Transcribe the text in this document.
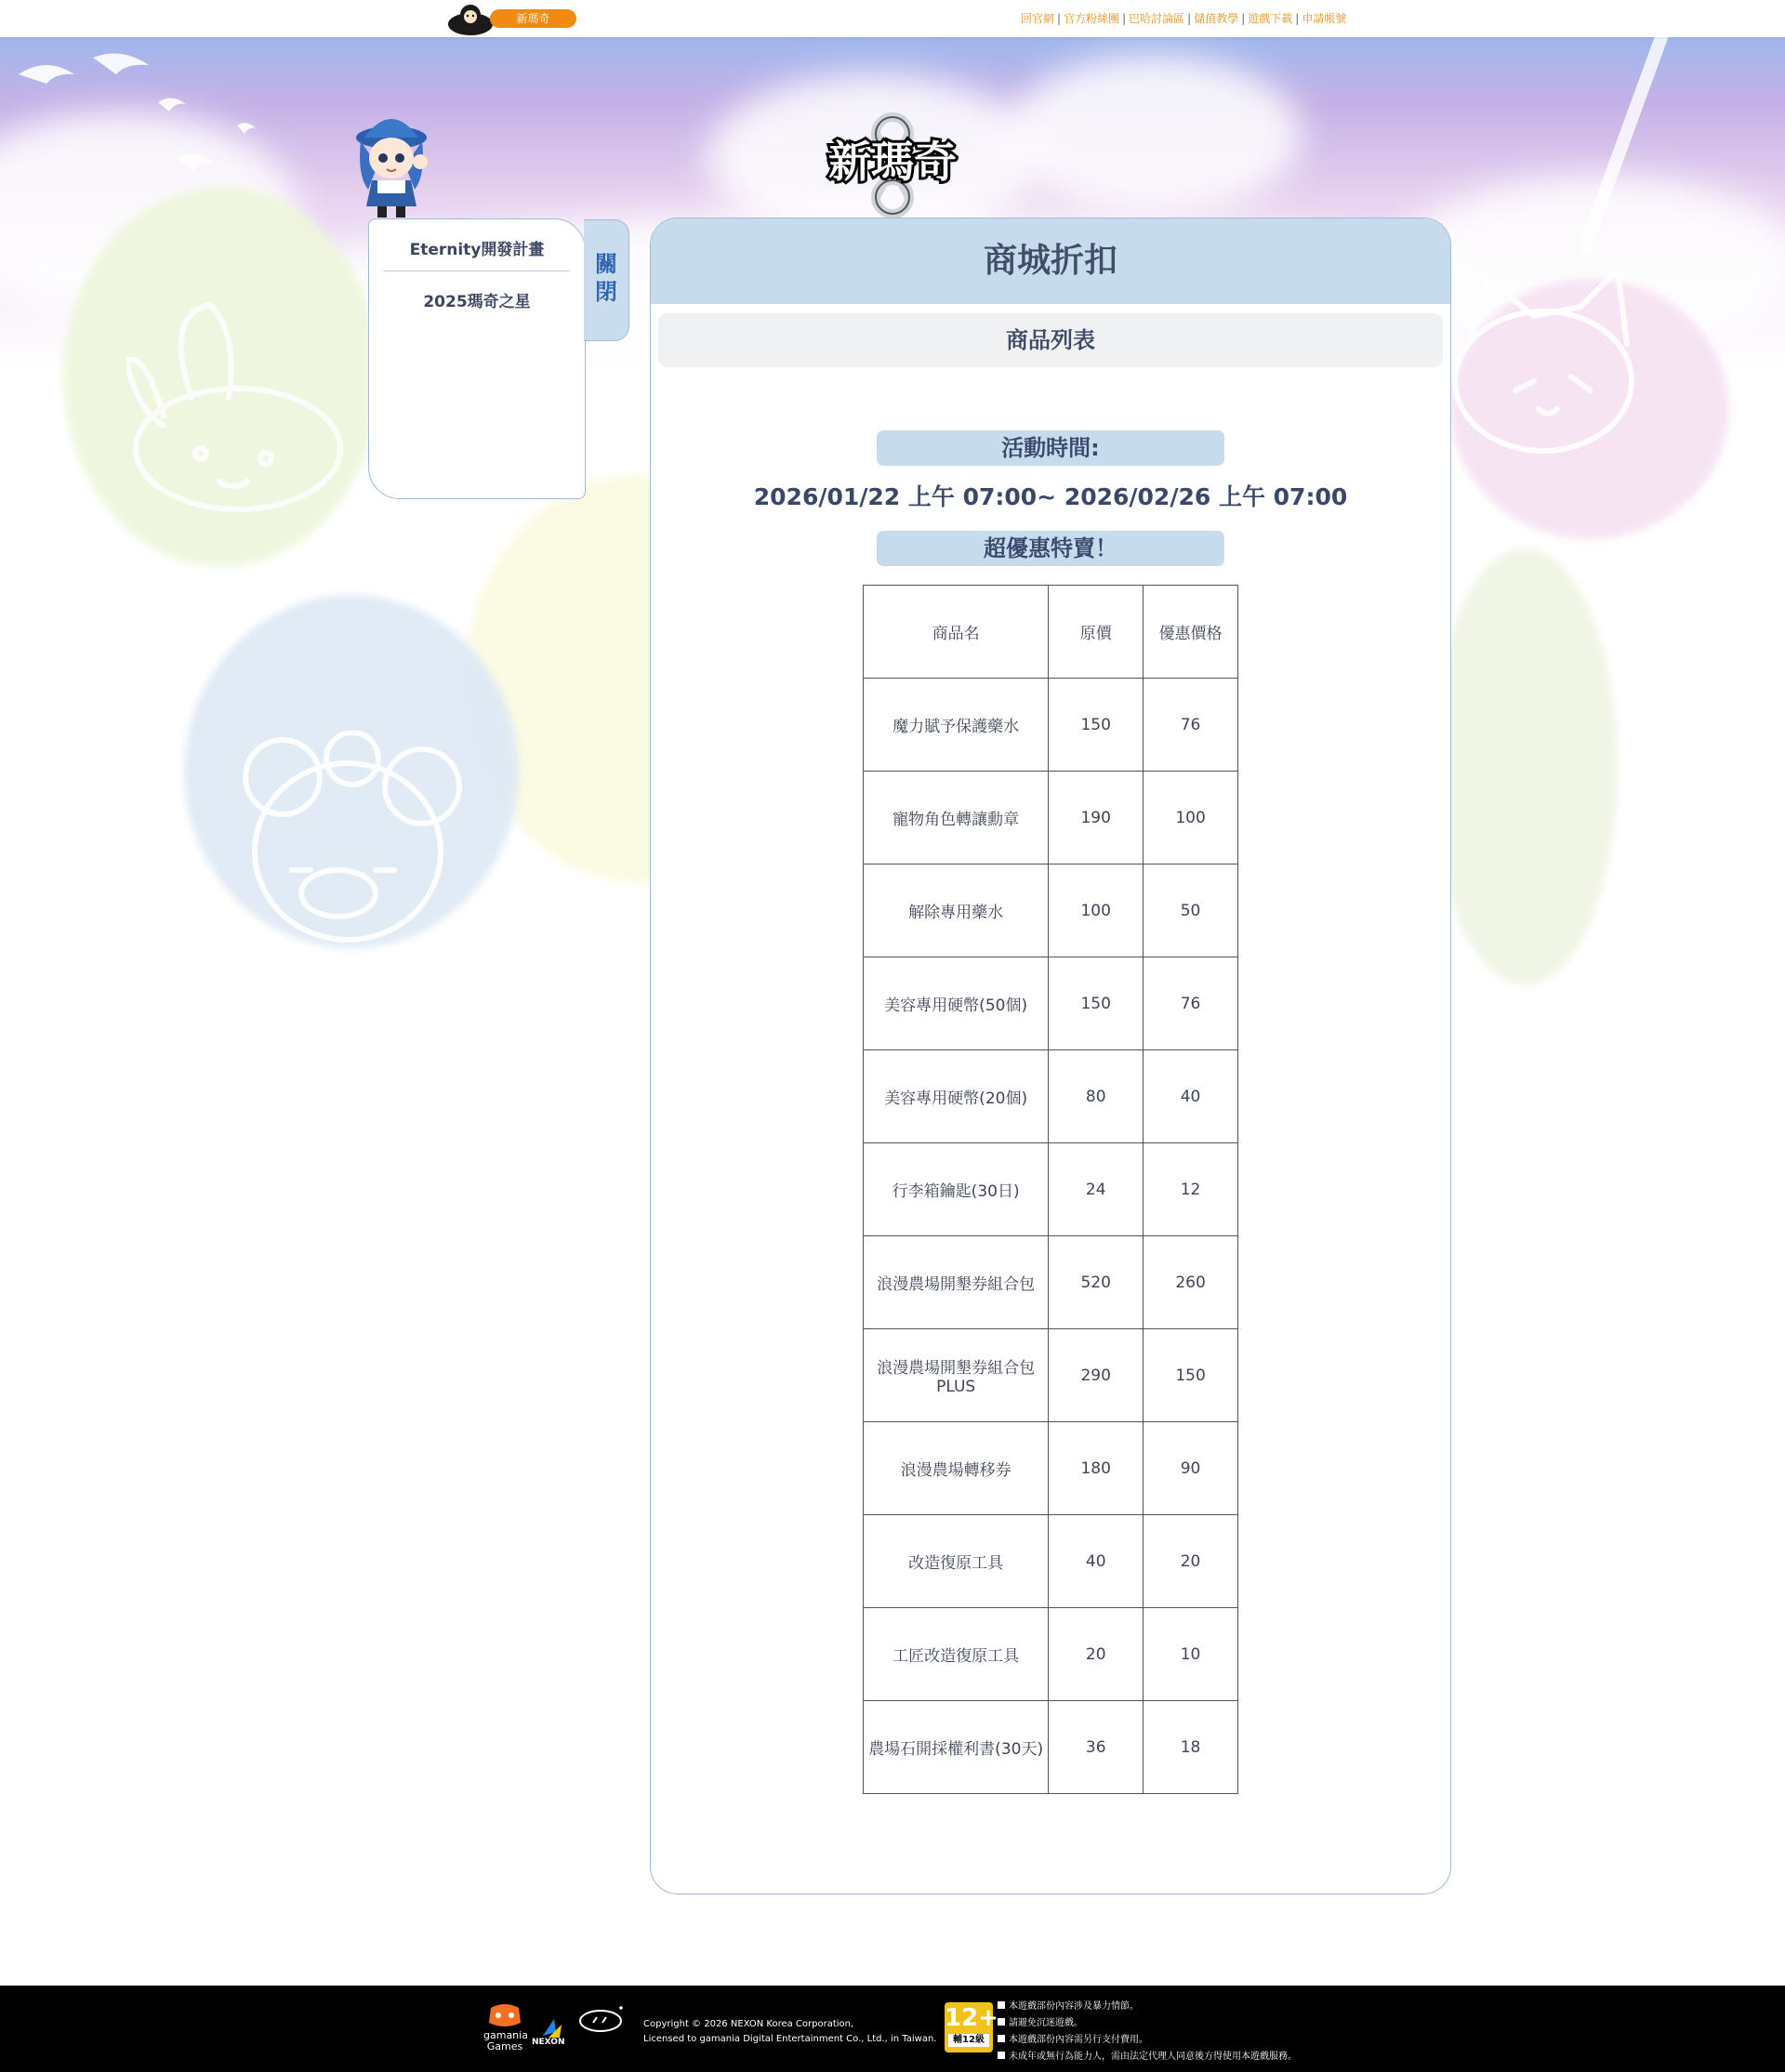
新瑪奇	回官網 | 官方粉絲團 | 巴哈討論區 | 儲值教學 | 遊戲下載 | 申請帳號
新瑪奇
Eternity開發計畫
2025瑪奇之星
關閉
商城折扣
商品列表
活動時間:
2026/01/22 上午 07:00~ 2026/02/26 上午 07:00
超優惠特賣！
商品名	原價	優惠價格
魔力賦予保護藥水	150	76
寵物角色轉讓勳章	190	100
解除專用藥水	100	50
美容專用硬幣(50個)	150	76
美容專用硬幣(20個)	80	40
行李箱鑰匙(30日)	24	12
浪漫農場開墾券組合包	520	260
浪漫農場開墾券組合包PLUS	290	150
浪漫農場轉移券	180	90
改造復原工具	40	20
工匠改造復原工具	20	10
農場石開採權利書(30天)	36	18
gamania Games	NEXON
Copyright © 2026 NEXON Korea Corporation,
Licensed to gamania Digital Entertainment Co., Ltd., in Taiwan.
12+
輔12級
本遊戲部份內容涉及暴力情節。
請避免沉迷遊戲。
本遊戲部份內容需另行支付費用。
未成年或無行為能力人，需由法定代理人同意後方得使用本遊戲服務。
